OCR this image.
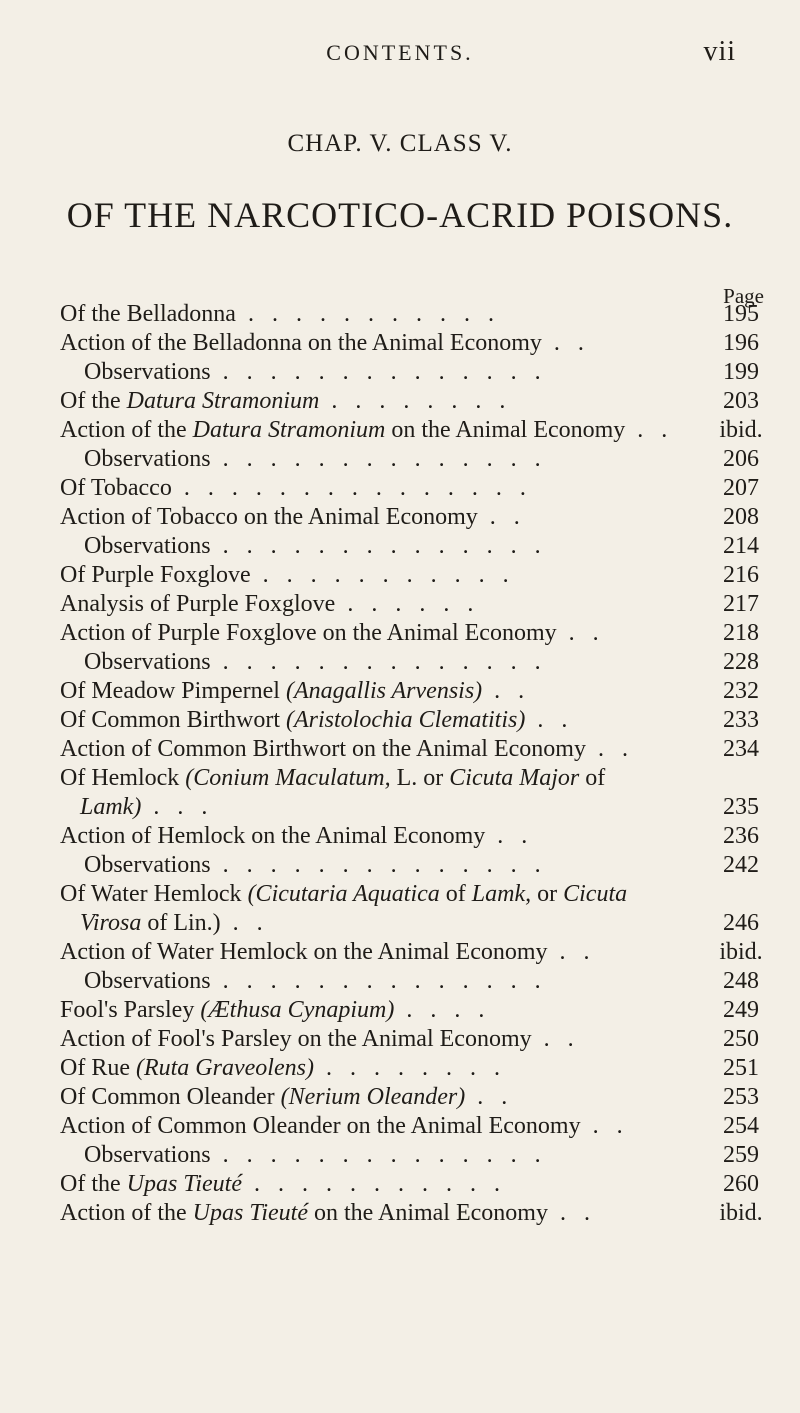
CONTENTS.	vii
CHAP. V. CLASS V.
OF THE NARCOTICO-ACRID POISONS.
Page
Of the Belladonna . . . . . . . . . . .	195
Action of the Belladonna on the Animal Economy . .	196
Observations . . . . . . . . . . . . . .	199
Of the Datura Stramonium . . . . . . . .	203
Action of the Datura Stramonium on the Animal Economy . .	ibid.
Observations . . . . . . . . . . . . . .	206
Of Tobacco . . . . . . . . . . . . . . .	207
Action of Tobacco on the Animal Economy . .	208
Observations . . . . . . . . . . . . . .	214
Of Purple Foxglove . . . . . . . . . . .	216
Analysis of Purple Foxglove . . . . . .	217
Action of Purple Foxglove on the Animal Economy . .	218
Observations . . . . . . . . . . . . . .	228
Of Meadow Pimpernel (Anagallis Arvensis) . .	232
Of Common Birthwort (Aristolochia Clematitis) . .	233
Action of Common Birthwort on the Animal Economy . .	234
Of Hemlock (Conium Maculatum, L. or Cicuta Major of
Lamk) . . .	235
Action of Hemlock on the Animal Economy . .	236
Observations . . . . . . . . . . . . . .	242
Of Water Hemlock (Cicutaria Aquatica of Lamk, or Cicuta
Virosa of Lin.) . .	246
Action of Water Hemlock on the Animal Economy . .	ibid.
Observations . . . . . . . . . . . . . .	248
Fool's Parsley (Æthusa Cynapium) . . . .	249
Action of Fool's Parsley on the Animal Economy . .	250
Of Rue (Ruta Graveolens) . . . . . . . .	251
Of Common Oleander (Nerium Oleander) . .	253
Action of Common Oleander on the Animal Economy . .	254
Observations . . . . . . . . . . . . . .	259
Of the Upas Tieuté . . . . . . . . . . .	260
Action of the Upas Tieuté on the Animal Economy . .	ibid.
